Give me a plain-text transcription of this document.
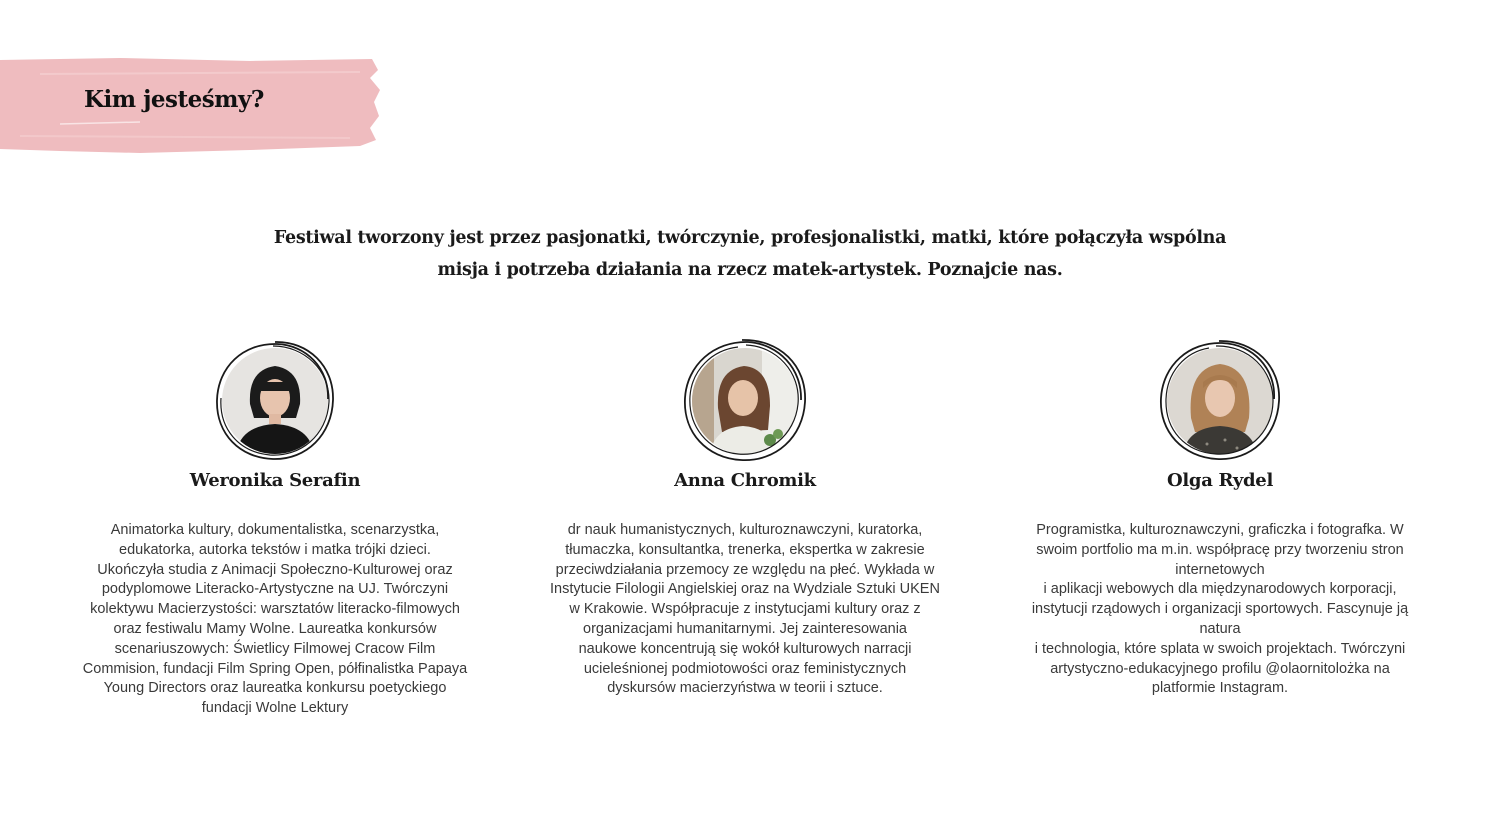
Kim jesteśmy?

Festiwal tworzony jest przez pasjonatki, twórczynie, profesjonalistki, matki, które połączyła wspólna misja i potrzeba działania na rzecz matek-artystek. Poznajcie nas.

Weronika Serafin

Animatorka kultury, dokumentalistka, scenarzystka,
edukatorka, autorka tekstów i matka trójki dzieci.
Ukończyła studia z Animacji Społeczno-Kulturowej oraz
podyplomowe Literacko-Artystyczne na UJ. Twórczyni
kolektywu Macierzystości: warsztatów literacko-filmowych
oraz festiwalu Mamy Wolne. Laureatka konkursów
scenariuszowych: Świetlicy Filmowej Cracow Film
Commision, fundacji Film Spring Open, półfinalistka Papaya
Young Directors oraz laureatka konkursu poetyckiego
fundacji Wolne Lektury

Anna Chromik

dr nauk humanistycznych, kulturoznawczyni, kuratorka,
tłumaczka, konsultantka, trenerka, ekspertka w zakresie
przeciwdziałania przemocy ze względu na płeć. Wykłada w
Instytucie Filologii Angielskiej oraz na Wydziale Sztuki UKEN
w Krakowie. Współpracuje z instytucjami kultury oraz z
organizacjami humanitarnymi. Jej zainteresowania
naukowe koncentrują się wokół kulturowych narracji
ucieleśnionej podmiotowości oraz feministycznych
dyskursów macierzyństwa w teorii i sztuce.

Olga Rydel

Programistka, kulturoznawczyni, graficzka i fotografka. W
swoim portfolio ma m.in. współpracę przy tworzeniu stron
internetowych
i aplikacji webowych dla międzynarodowych korporacji,
instytucji rządowych i organizacji sportowych. Fascynuje ją
natura
i technologia, które splata w swoich projektach. Twórczyni
artystyczno-edukacyjnego profilu @olaornitolożka na
platformie Instagram.
